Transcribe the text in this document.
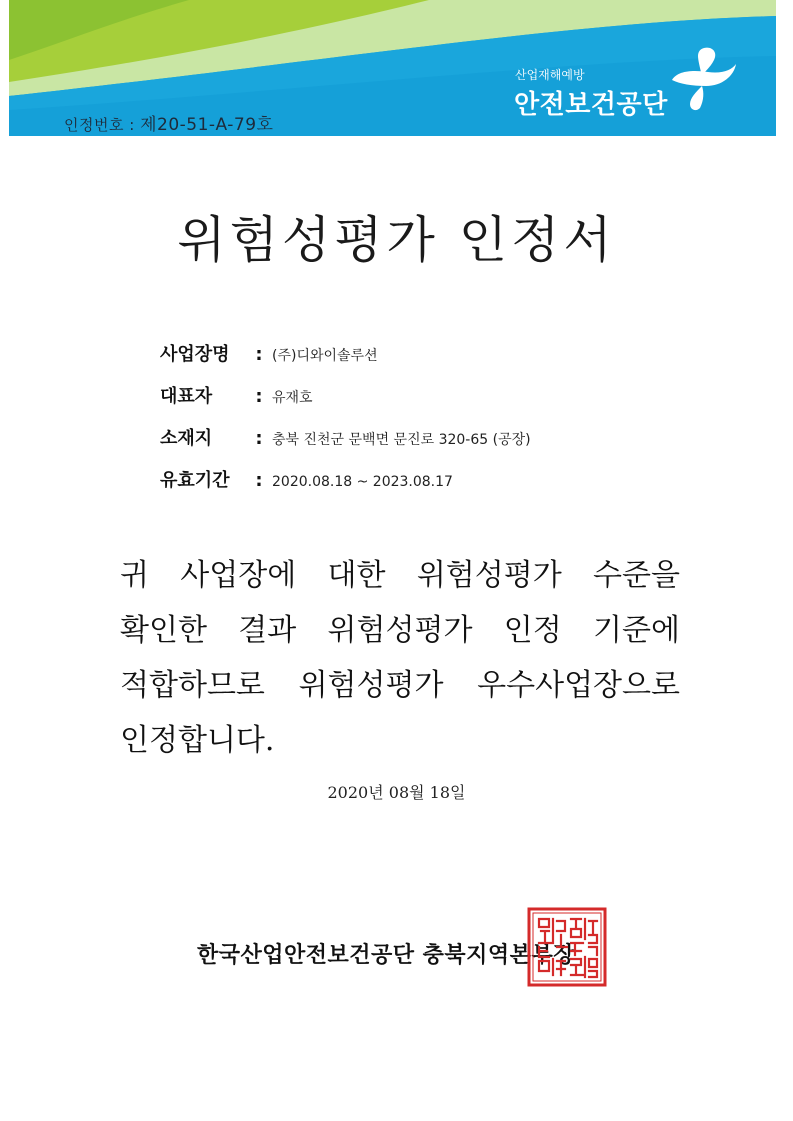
인정번호 : 제20-51-A-79호
산업재해예방
안전보건공단
위험성평가 인정서
사업장명	: (주)디와이솔루션
대표자	: 유재호
소재지	: 충북 진천군 문백면 문진로 320-65 (공장)
유효기간	: 2020.08.18 ~ 2023.08.17
귀 사업장에 대한 위험성평가 수준을
확인한 결과 위험성평가 인정 기준에
적합하므로 위험성평가 우수사업장으로
인정합니다.
2020년 08월 18일
한국산업안전보건공단 충북지역본부장
